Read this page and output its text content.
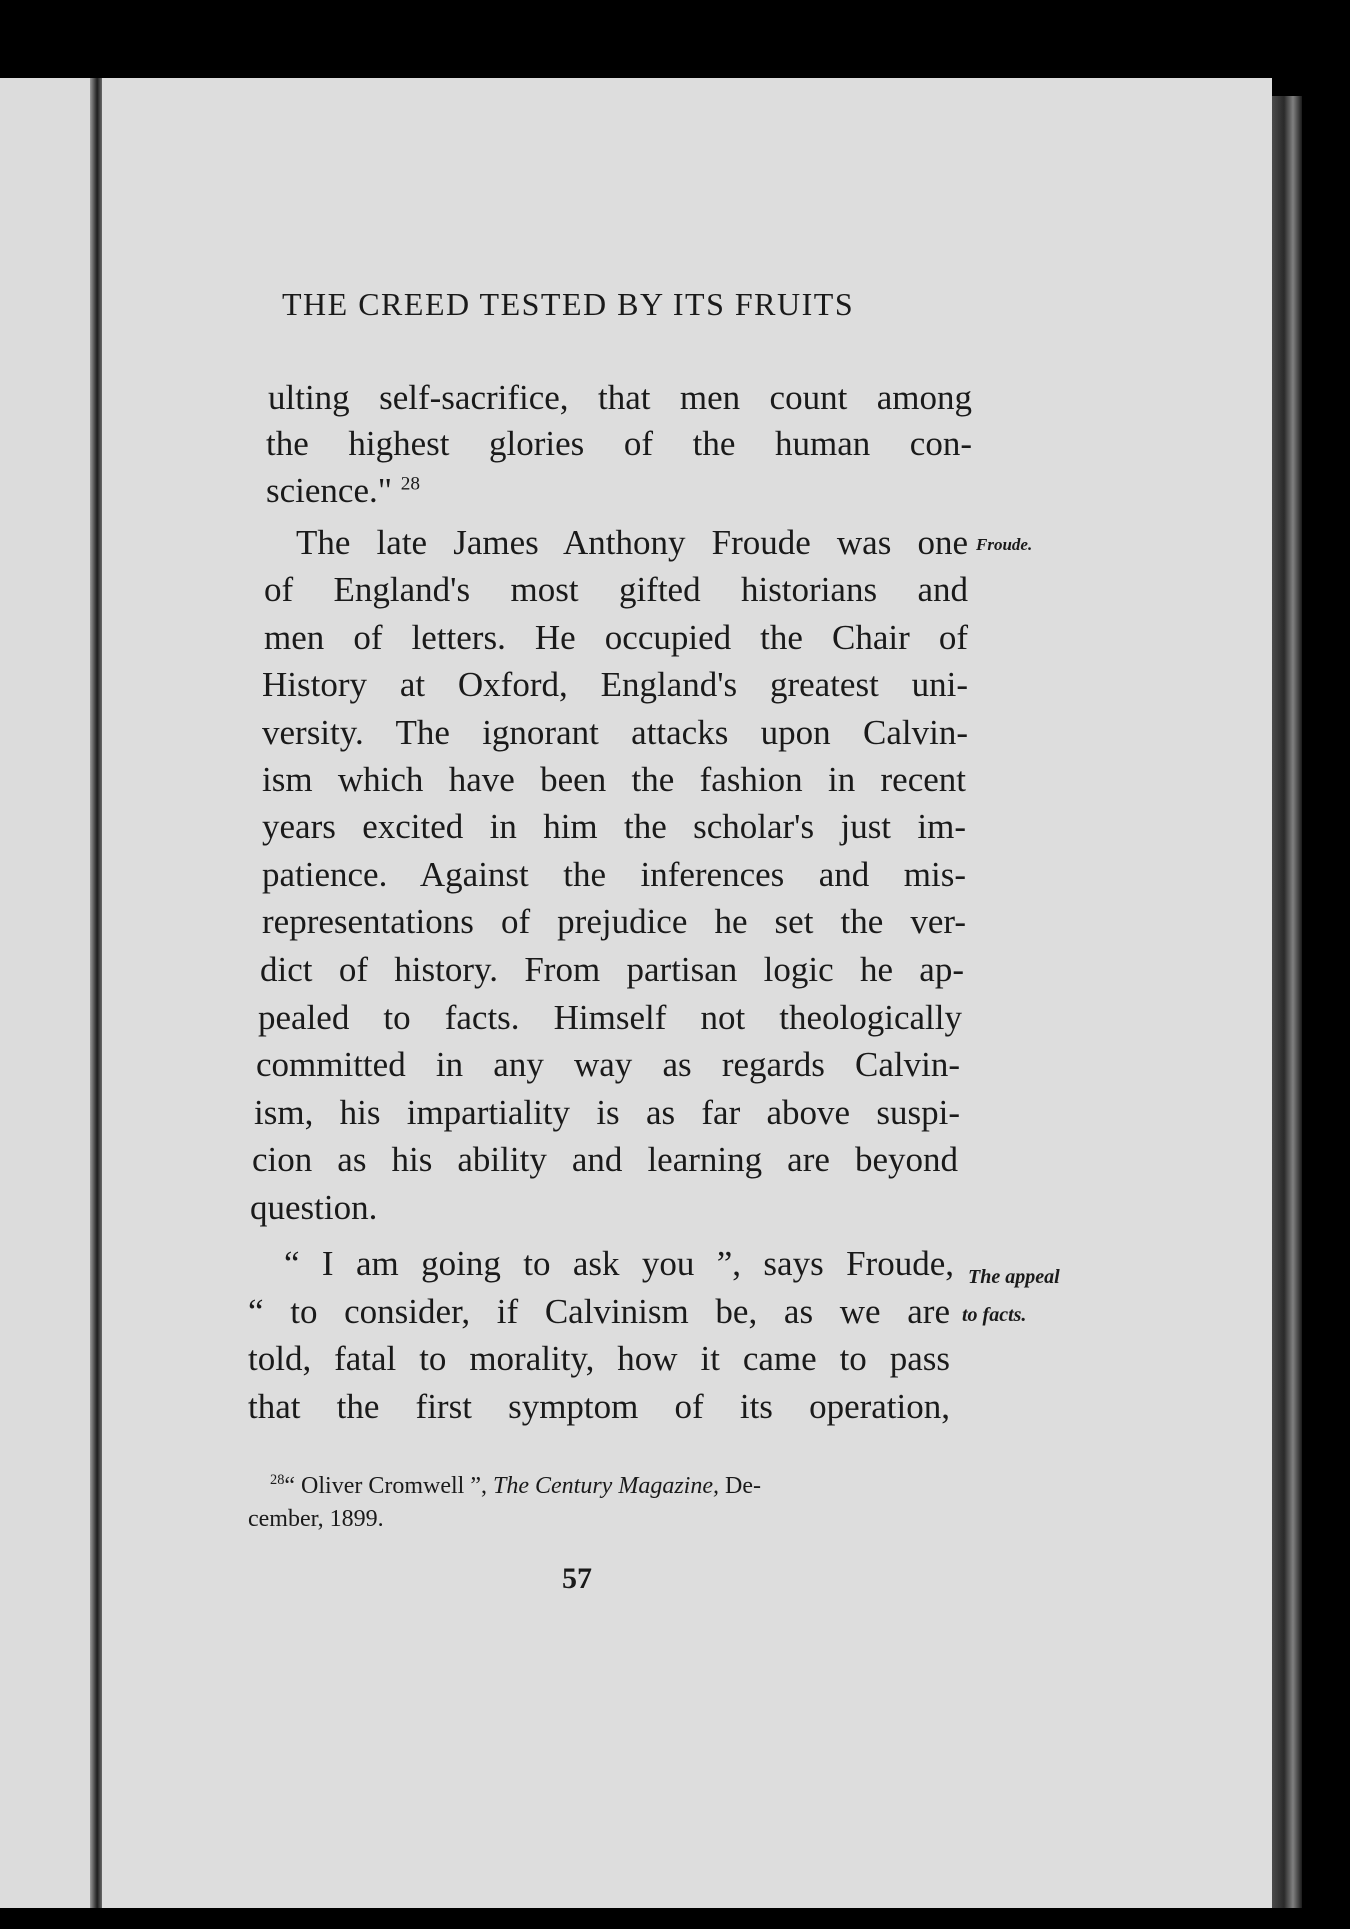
THE CREED TESTED BY ITS FRUITS
ulting self-sacrifice, that men count among
the highest glories of the human con-
science." $^{28}$
The late James Anthony Froude was one
of England's most gifted historians and
men of letters. He occupied the Chair of
History at Oxford, England's greatest uni-
versity. The ignorant attacks upon Calvin-
ism which have been the fashion in recent
years excited in him the scholar's just im-
patience. Against the inferences and mis-
representations of prejudice he set the ver-
dict of history. From partisan logic he ap-
pealed to facts. Himself not theologically
committed in any way as regards Calvin-
ism, his impartiality is as far above suspi-
cion as his ability and learning are beyond
question.
“ I am going to ask you ”, says Froude,
“ to consider, if Calvinism be, as we are
told, fatal to morality, how it came to pass
that the first symptom of its operation,
Froude.
The appeal
to facts.
$^{28}$“ Oliver Cromwell ”, The Century Magazine, De-
cember, 1899.
57
